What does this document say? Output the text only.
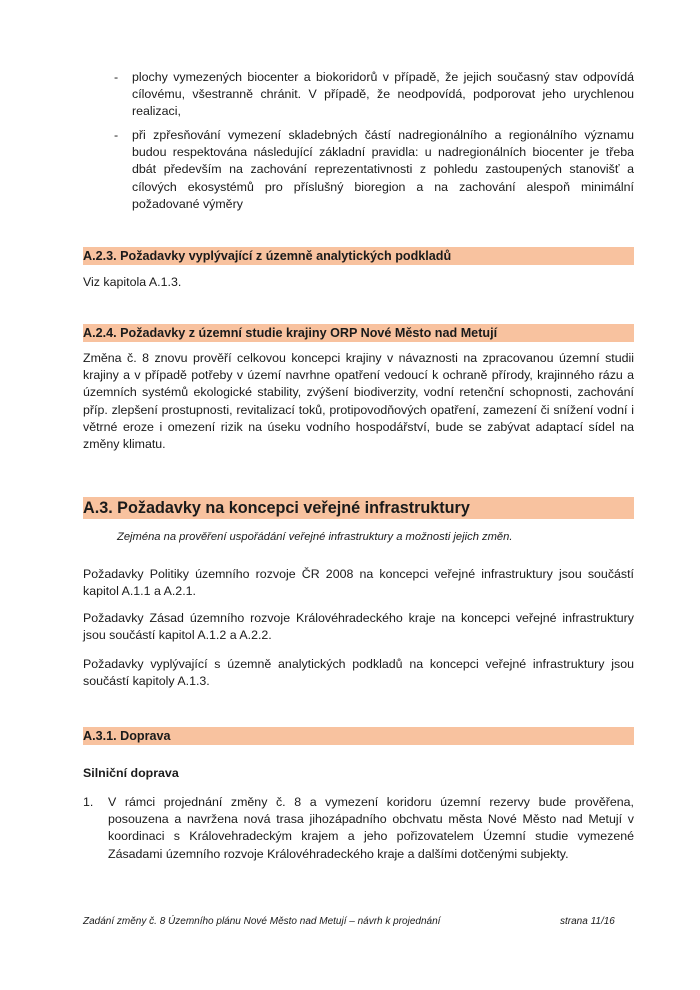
-	plochy vymezených biocenter a biokoridorů v případě, že jejich současný stav odpovídá cílovému, všestranně chránit. V případě, že neodpovídá, podporovat jeho urychlenou realizaci,
-	při zpřesňování vymezení skladebných částí nadregionálního a regionálního významu budou respektována následující základní pravidla: u nadregionálních biocenter je třeba dbát především na zachování reprezentativnosti z pohledu zastoupených stanovišť a cílových ekosystémů pro příslušný bioregion a na zachování alespoň minimální požadované výměry
A.2.3. Požadavky vyplývající z územně analytických podkladů
Viz kapitola A.1.3.
A.2.4. Požadavky z územní studie krajiny ORP Nové Město nad Metují
Změna č. 8 znovu prověří celkovou koncepci krajiny v návaznosti na zpracovanou územní studii krajiny a v případě potřeby v území navrhne opatření vedoucí k ochraně přírody, krajinného rázu a územních systémů ekologické stability, zvýšení biodiverzity, vodní retenční schopnosti, zachování příp. zlepšení prostupnosti, revitalizací toků, protipovodňových opatření, zamezení či snížení vodní i větrné eroze i omezení rizik na úseku vodního hospodářství, bude se zabývat adaptací sídel na změny klimatu.
A.3. Požadavky na koncepci veřejné infrastruktury
Zejména na prověření uspořádání veřejné infrastruktury a možnosti jejich změn.
Požadavky Politiky územního rozvoje ČR 2008 na koncepci veřejné infrastruktury jsou součástí kapitol A.1.1 a A.2.1.
Požadavky Zásad územního rozvoje Královéhradeckého kraje na koncepci veřejné infrastruktury jsou součástí kapitol A.1.2 a A.2.2.
Požadavky vyplývající s územně analytických podkladů na koncepci veřejné infrastruktury jsou součástí kapitoly A.1.3.
A.3.1. Doprava
Silniční doprava
1.	V rámci projednání změny č. 8 a vymezení koridoru územní rezervy bude prověřena, posouzena a navržena nová trasa jihozápadního obchvatu města Nové Město nad Metují v koordinaci s Královehradeckým krajem a jeho pořizovatelem Územní studie vymezené Zásadami územního rozvoje Královéhradeckého kraje a dalšími dotčenými subjekty.
Zadání změny č. 8 Územního plánu Nové Město nad Metují – návrh k projednání	strana 11/16
